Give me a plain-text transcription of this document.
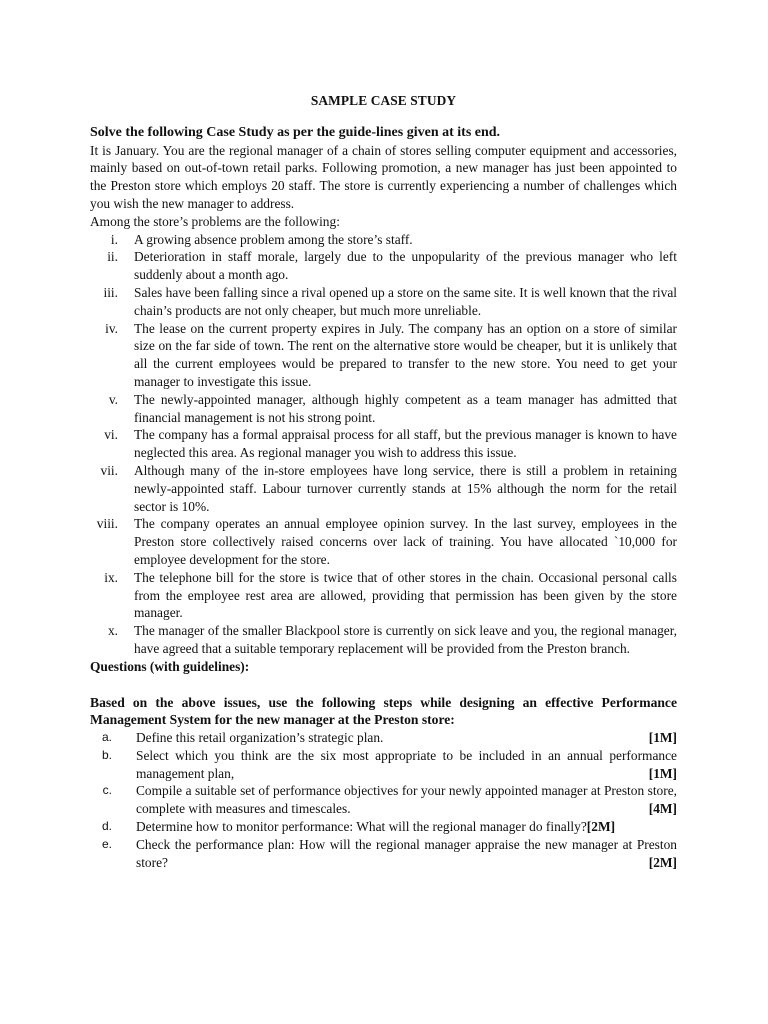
SAMPLE CASE STUDY

Solve the following Case Study as per the guide-lines given at its end.

It is January. You are the regional manager of a chain of stores selling computer equipment and accessories, mainly based on out-of-town retail parks. Following promotion, a new manager has just been appointed to the Preston store which employs 20 staff. The store is currently experiencing a number of challenges which you wish the new manager to address.

Among the store’s problems are the following:

i.	A growing absence problem among the store’s staff.
ii.	Deterioration in staff morale, largely due to the unpopularity of the previous manager who left suddenly about a month ago.
iii.	Sales have been falling since a rival opened up a store on the same site. It is well known that the rival chain’s products are not only cheaper, but much more unreliable.
iv.	The lease on the current property expires in July. The company has an option on a store of similar size on the far side of town. The rent on the alternative store would be cheaper, but it is unlikely that all the current employees would be prepared to transfer to the new store. You need to get your manager to investigate this issue.
v.	The newly-appointed manager, although highly competent as a team manager has admitted that financial management is not his strong point.
vi.	The company has a formal appraisal process for all staff, but the previous manager is known to have neglected this area. As regional manager you wish to address this issue.
vii.	Although many of the in-store employees have long service, there is still a problem in retaining newly-appointed staff. Labour turnover currently stands at 15% although the norm for the retail sector is 10%.
viii.	The company operates an annual employee opinion survey. In the last survey, employees in the Preston store collectively raised concerns over lack of training. You have allocated `10,000 for employee development for the store.
ix.	The telephone bill for the store is twice that of other stores in the chain. Occasional personal calls from the employee rest area are allowed, providing that permission has been given by the store manager.
x.	The manager of the smaller Blackpool store is currently on sick leave and you, the regional manager, have agreed that a suitable temporary replacement will be provided from the Preston branch.

Questions (with guidelines):

Based on the above issues, use the following steps while designing an effective Performance Management System for the new manager at the Preston store:

a.	[1M]
Define this retail organization’s strategic plan.
b.	Select which you think are the six most appropriate to be included in an annual performance management plan,	[1M]
c.	Compile a suitable set of performance objectives for your newly appointed manager at Preston store, complete with measures and timescales.	[4M]
d.	Determine how to monitor performance: What will the regional manager do finally?[2M]
e.	Check the performance plan: How will the regional manager appraise the new manager at Preston store?	[2M]
